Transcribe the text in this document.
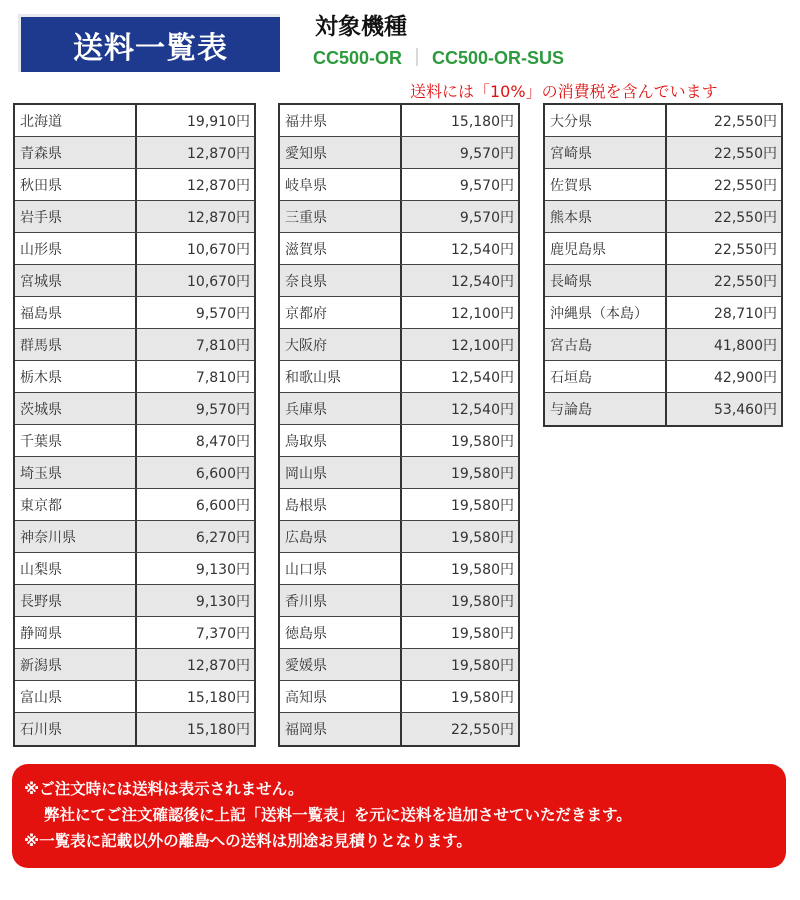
送料一覧表
対象機種
CC500-OR ｜ CC500-OR-SUS
送料には「10%」の消費税を含んでいます
北海道	19,910円
青森県	12,870円
秋田県	12,870円
岩手県	12,870円
山形県	10,670円
宮城県	10,670円
福島県	9,570円
群馬県	7,810円
栃木県	7,810円
茨城県	9,570円
千葉県	8,470円
埼玉県	6,600円
東京都	6,600円
神奈川県	6,270円
山梨県	9,130円
長野県	9,130円
静岡県	7,370円
新潟県	12,870円
富山県	15,180円
石川県	15,180円
福井県	15,180円
愛知県	9,570円
岐阜県	9,570円
三重県	9,570円
滋賀県	12,540円
奈良県	12,540円
京都府	12,100円
大阪府	12,100円
和歌山県	12,540円
兵庫県	12,540円
鳥取県	19,580円
岡山県	19,580円
島根県	19,580円
広島県	19,580円
山口県	19,580円
香川県	19,580円
徳島県	19,580円
愛媛県	19,580円
高知県	19,580円
福岡県	22,550円
大分県	22,550円
宮崎県	22,550円
佐賀県	22,550円
熊本県	22,550円
鹿児島県	22,550円
長崎県	22,550円
沖縄県（本島）	28,710円
宮古島	41,800円
石垣島	42,900円
与論島	53,460円
※ご注文時には送料は表示されません。
弊社にてご注文確認後に上記「送料一覧表」を元に送料を追加させていただきます。
※一覧表に記載以外の離島への送料は別途お見積りとなります。
